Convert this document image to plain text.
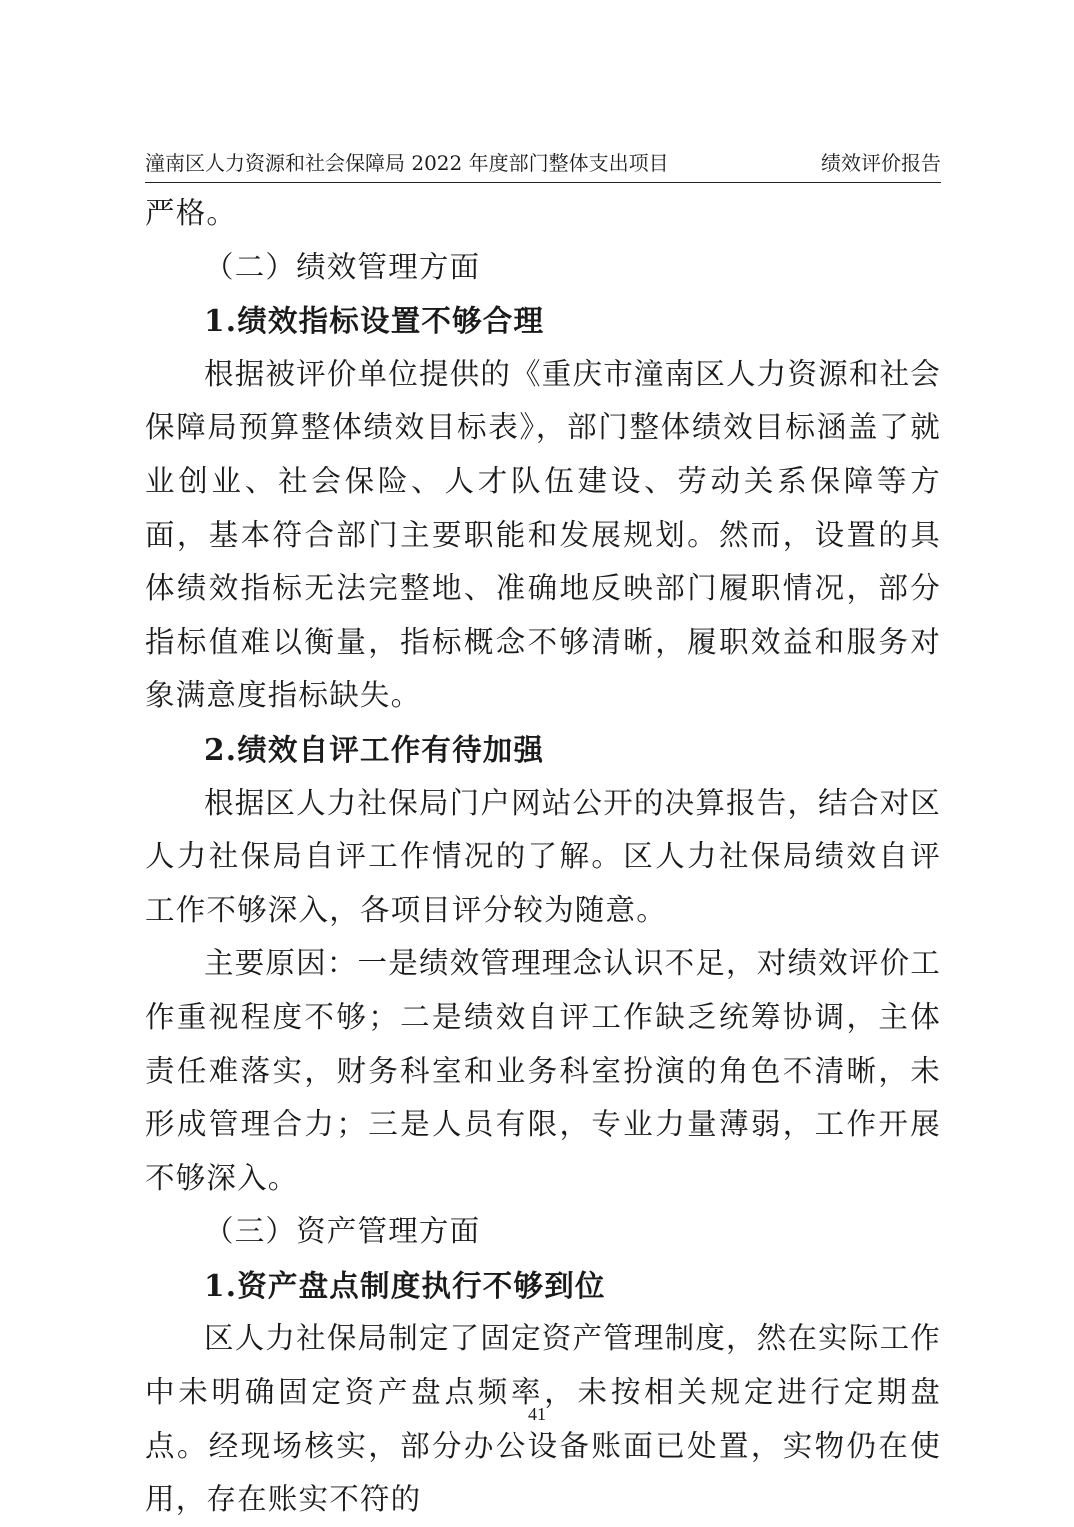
潼南区人力资源和社会保障局 2022 年度部门整体支出项目	绩效评价报告

严格。

（二）绩效管理方面

1.绩效指标设置不够合理

根据被评价单位提供的《重庆市潼南区人力资源和社会保障局预算整体绩效目标表》，部门整体绩效目标涵盖了就业创业、社会保险、人才队伍建设、劳动关系保障等方面，基本符合部门主要职能和发展规划。然而，设置的具体绩效指标无法完整地、准确地反映部门履职情况，部分指标值难以衡量，指标概念不够清晰，履职效益和服务对象满意度指标缺失。

2.绩效自评工作有待加强

根据区人力社保局门户网站公开的决算报告，结合对区人力社保局自评工作情况的了解。区人力社保局绩效自评工作不够深入，各项目评分较为随意。

主要原因：一是绩效管理理念认识不足，对绩效评价工作重视程度不够；二是绩效自评工作缺乏统筹协调，主体责任难落实，财务科室和业务科室扮演的角色不清晰，未形成管理合力；三是人员有限，专业力量薄弱，工作开展不够深入。

（三）资产管理方面

1.资产盘点制度执行不够到位

区人力社保局制定了固定资产管理制度，然在实际工作中未明确固定资产盘点频率，未按相关规定进行定期盘点。经现场核实，部分办公设备账面已处置，实物仍在使用，存在账实不符的

41
